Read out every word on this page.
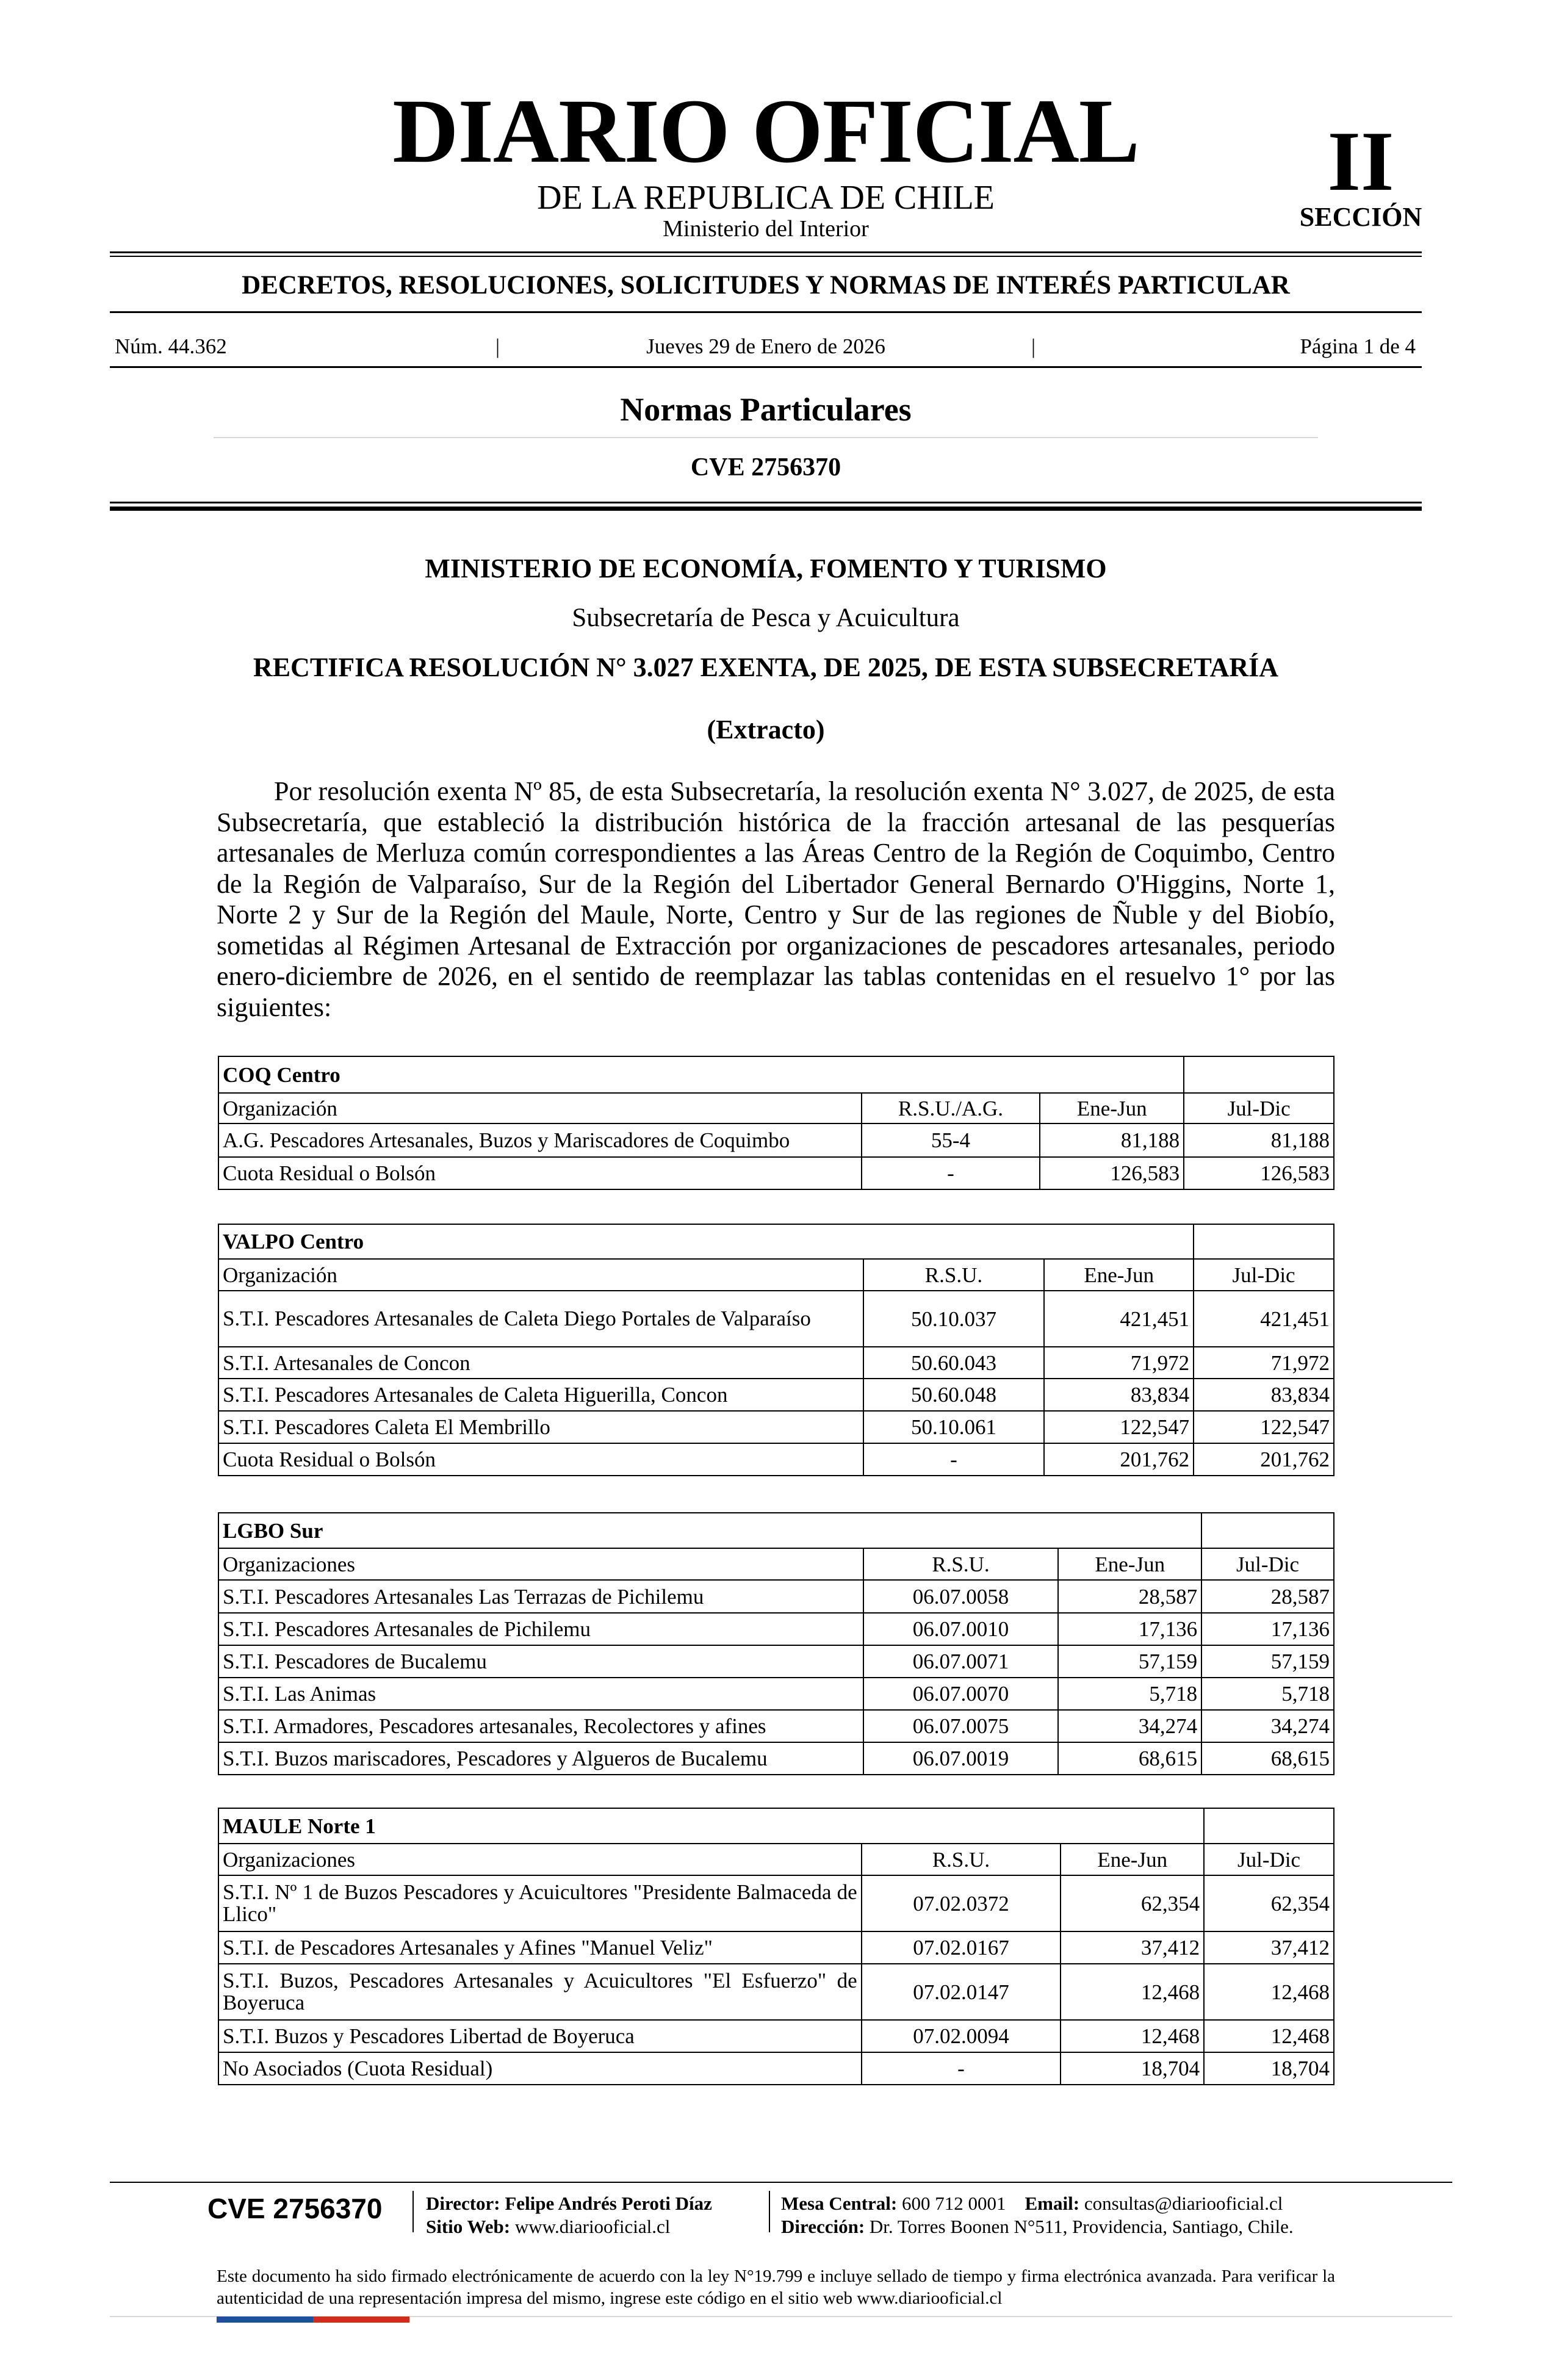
DIARIO OFICIAL
DE LA REPUBLICA DE CHILE
Ministerio del Interior
II
SECCIÓN
DECRETOS, RESOLUCIONES, SOLICITUDES Y NORMAS DE INTERÉS PARTICULAR
Núm. 44.362	|	Jueves 29 de Enero de 2026	|	Página 1 de 4
Normas Particulares
CVE 2756370
MINISTERIO DE ECONOMÍA, FOMENTO Y TURISMO
Subsecretaría de Pesca y Acuicultura
RECTIFICA RESOLUCIÓN N° 3.027 EXENTA, DE 2025, DE ESTA SUBSECRETARÍA
(Extracto)
Por resolución exenta Nº 85, de esta Subsecretaría, la resolución exenta N° 3.027, de 2025, de esta Subsecretaría, que estableció la distribución histórica de la fracción artesanal de las pesquerías artesanales de Merluza común correspondientes a las Áreas Centro de la Región de Coquimbo, Centro de la Región de Valparaíso, Sur de la Región del Libertador General Bernardo O'Higgins, Norte 1, Norte 2 y Sur de la Región del Maule, Norte, Centro y Sur de las regiones de Ñuble y del Biobío, sometidas al Régimen Artesanal de Extracción por organizaciones de pescadores artesanales, periodo enero-diciembre de 2026, en el sentido de reemplazar las tablas contenidas en el resuelvo 1° por las siguientes:
COQ Centro			
Organización	R.S.U./A.G.	Ene-Jun	Jul-Dic
A.G. Pescadores Artesanales, Buzos y Mariscadores de Coquimbo	55-4	81,188	81,188
Cuota Residual o Bolsón	-	126,583	126,583
VALPO Centro			
Organización	R.S.U.	Ene-Jun	Jul-Dic
S.T.I. Pescadores Artesanales de Caleta Diego Portales de Valparaíso	50.10.037	421,451	421,451
S.T.I. Artesanales de Concon	50.60.043	71,972	71,972
S.T.I. Pescadores Artesanales de Caleta Higuerilla, Concon	50.60.048	83,834	83,834
S.T.I. Pescadores Caleta El Membrillo	50.10.061	122,547	122,547
Cuota Residual o Bolsón	-	201,762	201,762
LGBO Sur			
Organizaciones	R.S.U.	Ene-Jun	Jul-Dic
S.T.I. Pescadores Artesanales Las Terrazas de Pichilemu	06.07.0058	28,587	28,587
S.T.I. Pescadores Artesanales de Pichilemu	06.07.0010	17,136	17,136
S.T.I. Pescadores de Bucalemu	06.07.0071	57,159	57,159
S.T.I. Las Animas	06.07.0070	5,718	5,718
S.T.I. Armadores, Pescadores artesanales, Recolectores y afines	06.07.0075	34,274	34,274
S.T.I. Buzos mariscadores, Pescadores y Algueros de Bucalemu	06.07.0019	68,615	68,615
MAULE Norte 1			
Organizaciones	R.S.U.	Ene-Jun	Jul-Dic
S.T.I. Nº 1 de Buzos Pescadores y Acuicultores "Presidente Balmaceda de Llico"	07.02.0372	62,354	62,354
S.T.I. de Pescadores Artesanales y Afines "Manuel Veliz"	07.02.0167	37,412	37,412
S.T.I. Buzos, Pescadores Artesanales y Acuicultores "El Esfuerzo" de Boyeruca	07.02.0147	12,468	12,468
S.T.I. Buzos y Pescadores Libertad de Boyeruca	07.02.0094	12,468	12,468
No Asociados (Cuota Residual)	-	18,704	18,704
CVE 2756370 Director: Felipe Andrés Peroti Díaz
Sitio Web: www.diariooficial.cl
Mesa Central: 600 712 0001 Email: consultas@diariooficial.cl
Dirección: Dr. Torres Boonen N°511, Providencia, Santiago, Chile.
Este documento ha sido firmado electrónicamente de acuerdo con la ley N°19.799 e incluye sellado de tiempo y firma electrónica avanzada. Para verificar la autenticidad de una representación impresa del mismo, ingrese este código en el sitio web www.diariooficial.cl
